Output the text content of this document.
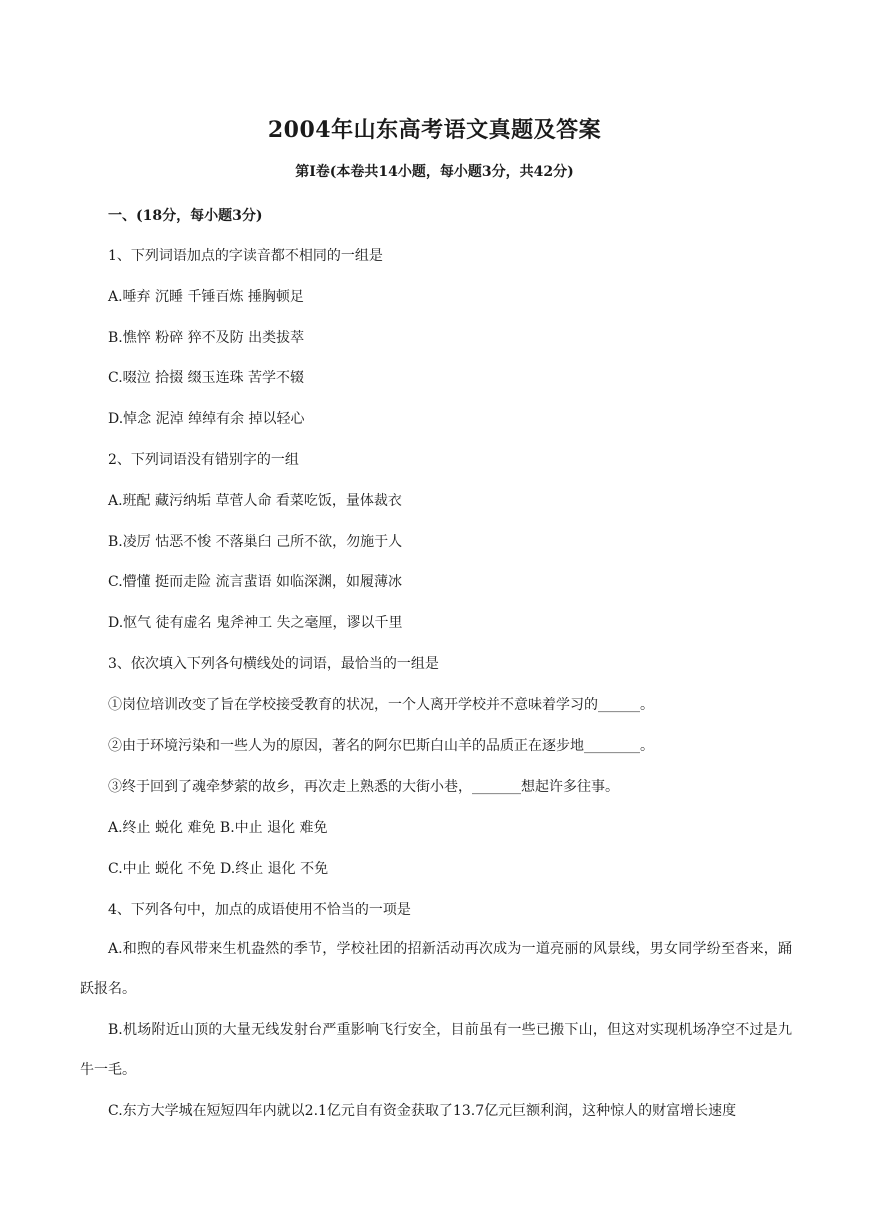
2004年山东高考语文真题及答案
第Ⅰ卷(本卷共14小题，每小题3分，共42分)
一、(18分，每小题3分)
1、下列词语加点的字读音都不相同的一组是
A.唾弃 沉睡 千锤百炼 捶胸顿足
B.憔悴 粉碎 猝不及防 出类拔萃
C.啜泣 拾掇 缀玉连珠 苦学不辍
D.悼念 泥淖 绰绰有余 掉以轻心
2、下列词语没有错别字的一组
A.班配 藏污纳垢 草菅人命 看菜吃饭，量体裁衣
B.凌厉 怙恶不悛 不落巢臼 己所不欲，勿施于人
C.懵懂 挺而走险 流言蜚语 如临深渊，如履薄冰
D.怄气 徒有虚名 鬼斧神工 失之毫厘，谬以千里
3、依次填入下列各句横线处的词语，最恰当的一组是
①岗位培训改变了旨在学校接受教育的状况，一个人离开学校并不意味着学习的______。
②由于环境污染和一些人为的原因，著名的阿尔巴斯白山羊的品质正在逐步地________。
③终于回到了魂牵梦萦的故乡，再次走上熟悉的大街小巷，_______想起许多往事。
A.终止 蜕化 难免 B.中止 退化 难免
C.中止 蜕化 不免 D.终止 退化 不免
4、下列各句中，加点的成语使用不恰当的一项是
A.和煦的春风带来生机盎然的季节，学校社团的招新活动再次成为一道亮丽的风景线，男女同学纷至沓来，踊跃报名。
B.机场附近山顶的大量无线发射台严重影响飞行安全，目前虽有一些已搬下山，但这对实现机场净空不过是九牛一毛。
C.东方大学城在短短四年内就以2.1亿元自有资金获取了13.7亿元巨额利润，这种惊人的财富增长速度
